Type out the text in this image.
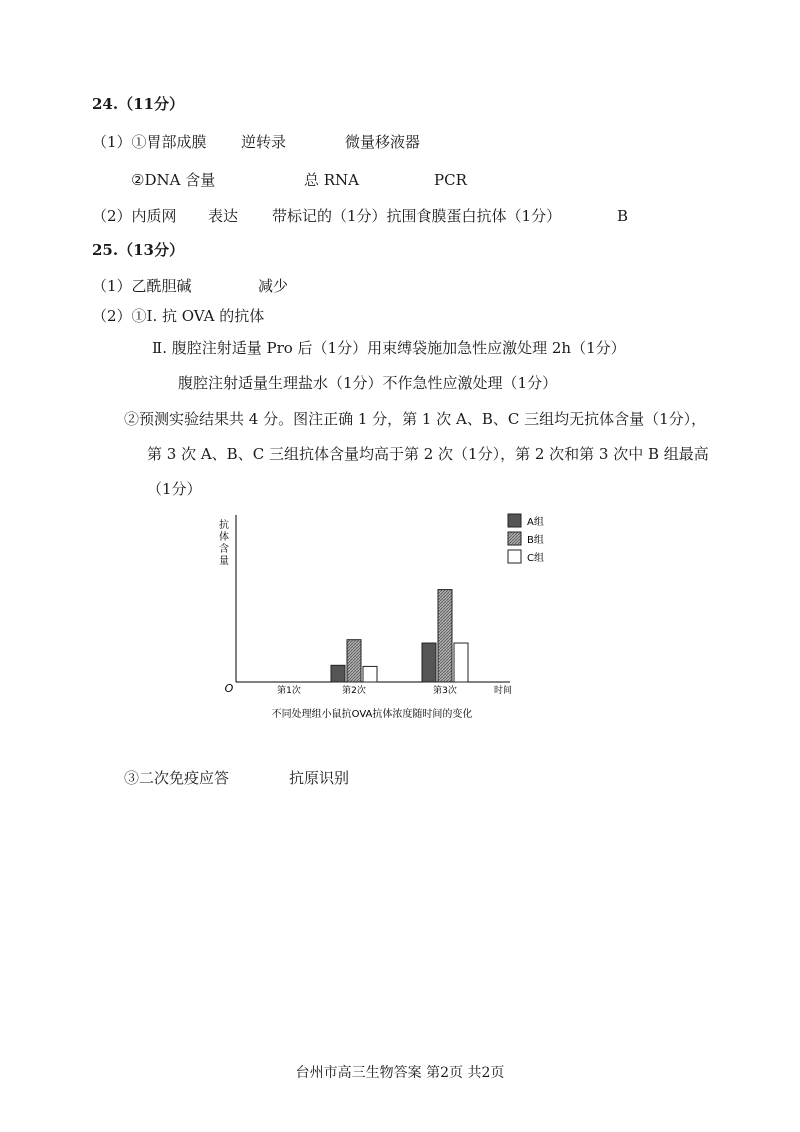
24.（11分）
（1）①胃部成膜 逆转录	微量移液器
②DNA 含量	总 RNA	PCR
（2）内质网 表达 带标记的（1分）抗围食膜蛋白抗体（1分）	B
25.（13分）
（1）乙酰胆碱	减少
（2）①I. 抗 OVA 的抗体
Ⅱ. 腹腔注射适量 Pro 后（1分）用束缚袋施加急性应激处理 2h（1分）
腹腔注射适量生理盐水（1分）不作急性应激处理（1分）
②预测实验结果共 4 分。图注正确 1 分，第 1 次 A、B、C 三组均无抗体含量（1分），
第 3 次 A、B、C 三组抗体含量均高于第 2 次（1分），第 2 次和第 3 次中 B 组最高
（1分）
A组
B组
C组
抗
体
含
量
O	时间
第1次	第2次	第3次
不同处理组小鼠抗OVA抗体浓度随时间的变化
③二次免疫应答	抗原识别
台州市高三生物答案 第2页 共2页
